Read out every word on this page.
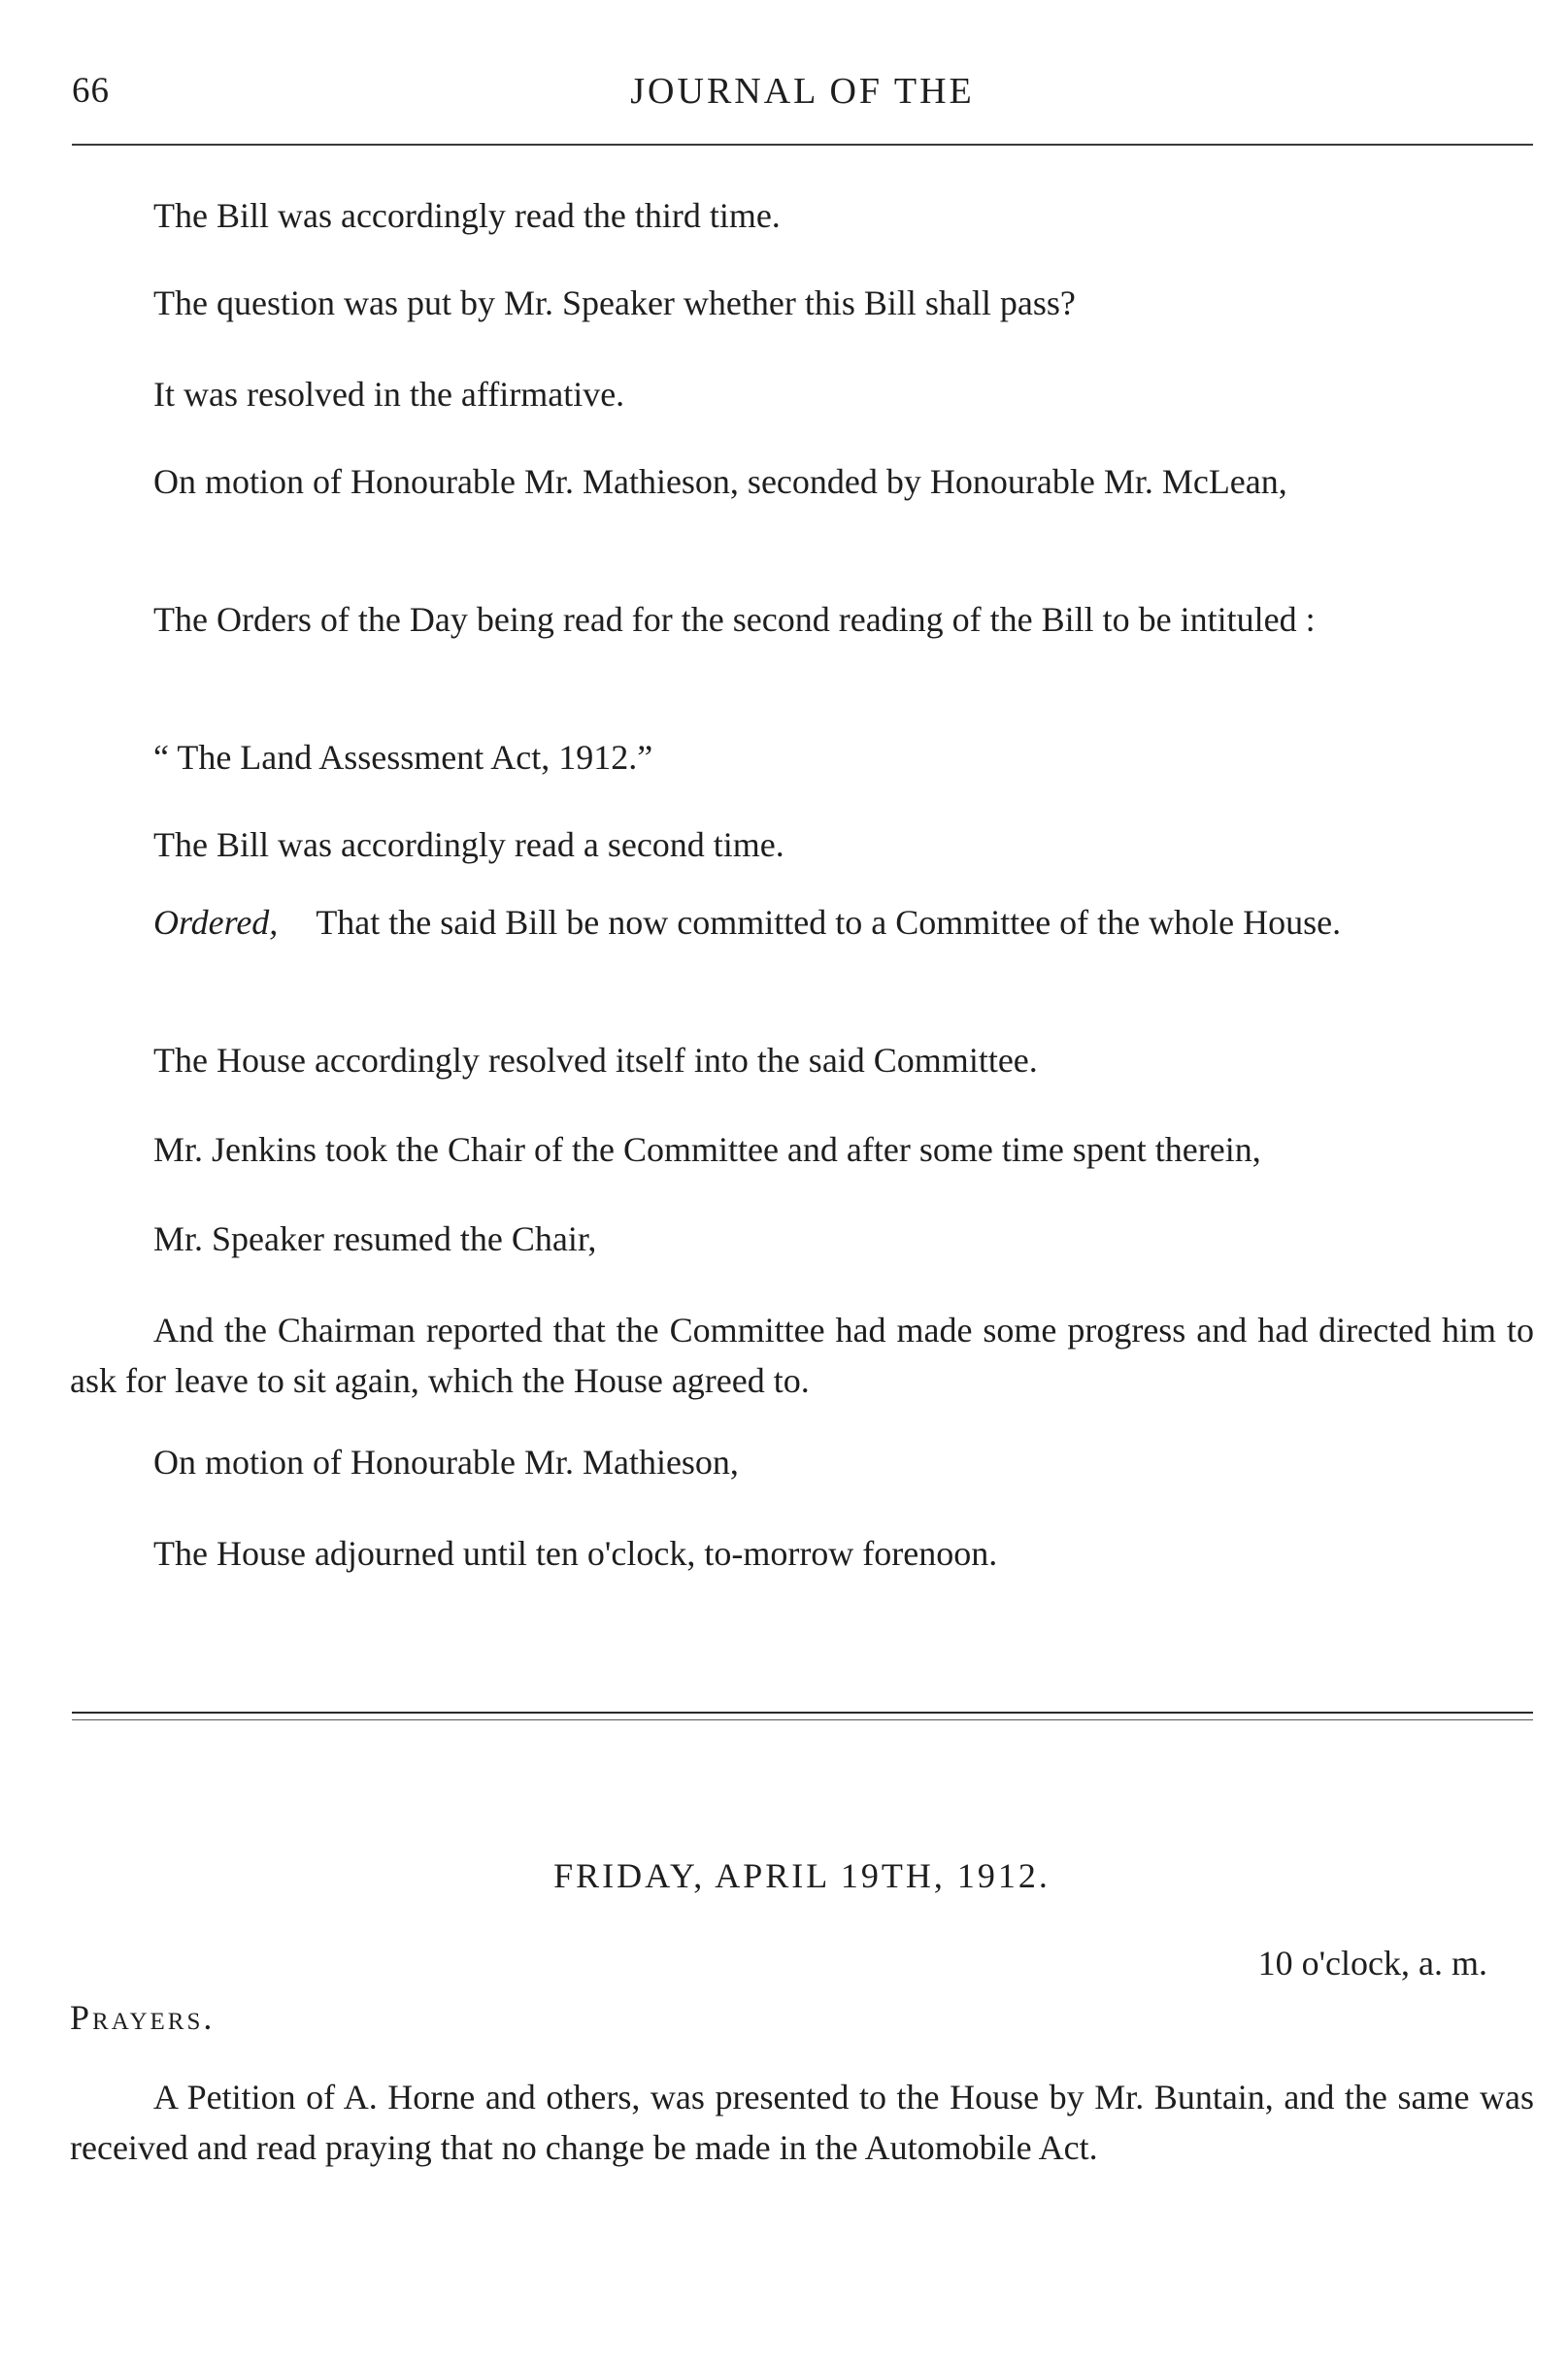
66	JOURNAL OF THE
The Bill was accordingly read the third time.
The question was put by Mr. Speaker whether this Bill shall pass?
It was resolved in the affirmative.
On motion of Honourable Mr. Mathieson, seconded by Honourable Mr. McLean,
The Orders of the Day being read for the second reading of the Bill to be intituled :
“ The Land Assessment Act, 1912.”
The Bill was accordingly read a second time.
Ordered, That the said Bill be now committed to a Committee of the whole House.
The House accordingly resolved itself into the said Committee.
Mr. Jenkins took the Chair of the Committee and after some time spent therein,
Mr. Speaker resumed the Chair,
And the Chairman reported that the Committee had made some progress and had directed him to ask for leave to sit again, which the House agreed to.
On motion of Honourable Mr. Mathieson,
The House adjourned until ten o'clock, to-morrow forenoon.
FRIDAY, APRIL 19TH, 1912.
10 o'clock, a. m.
Prayers.
A Petition of A. Horne and others, was presented to the House by Mr. Buntain, and the same was received and read praying that no change be made in the Automobile Act.
